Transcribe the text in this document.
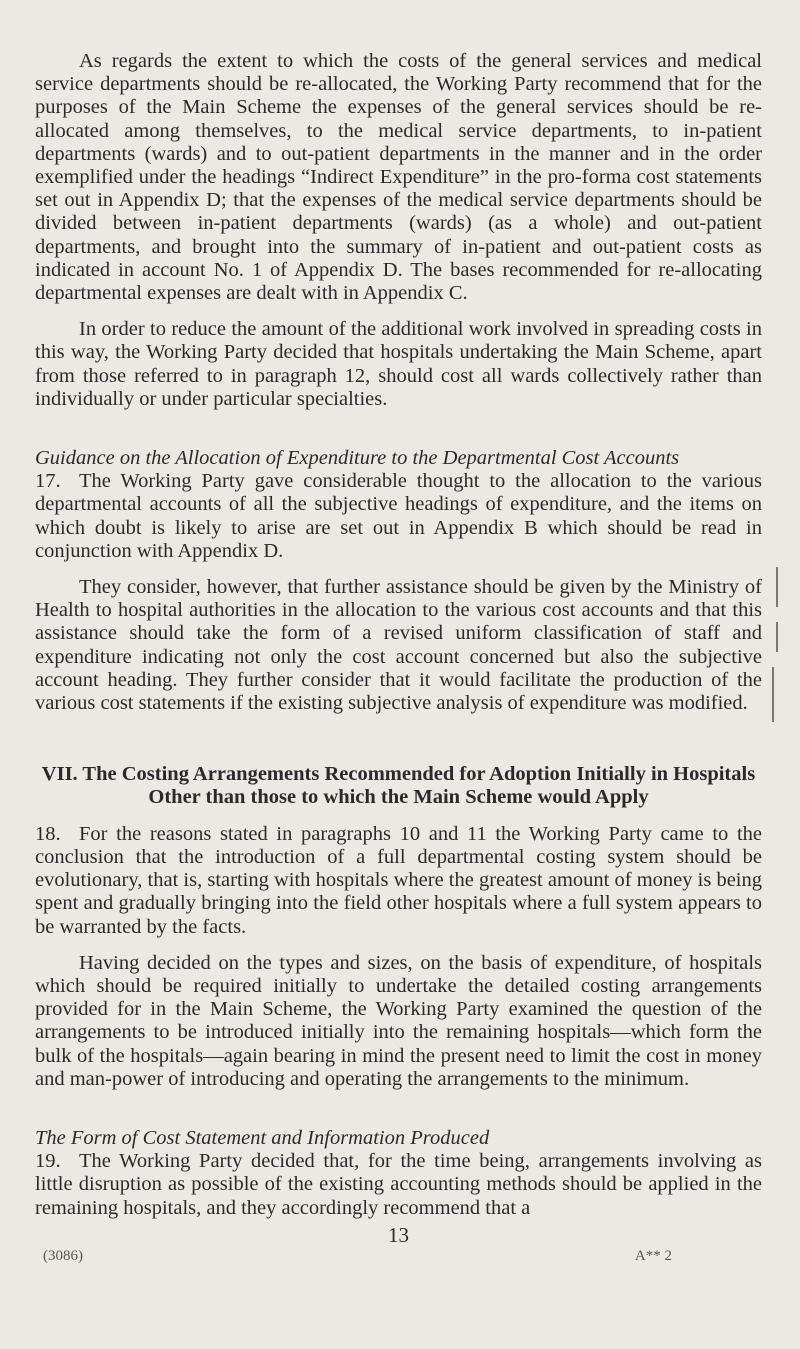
As regards the extent to which the costs of the general services and medical service departments should be re-allocated, the Working Party recommend that for the purposes of the Main Scheme the expenses of the general services should be re-allocated among themselves, to the medical service departments, to in-patient departments (wards) and to out-patient departments in the manner and in the order exemplified under the headings “Indirect Expenditure” in the pro-forma cost statements set out in Appendix D; that the expenses of the medical service departments should be divided between in-patient departments (wards) (as a whole) and out-patient departments, and brought into the summary of in-patient and out-patient costs as indicated in account No. 1 of Appendix D. The bases recommended for re-allocating departmental expenses are dealt with in Appendix C.

In order to reduce the amount of the additional work involved in spreading costs in this way, the Working Party decided that hospitals undertaking the Main Scheme, apart from those referred to in paragraph 12, should cost all wards collectively rather than individually or under particular specialties.

Guidance on the Allocation of Expenditure to the Departmental Cost Accounts

17. The Working Party gave considerable thought to the allocation to the various departmental accounts of all the subjective headings of expenditure, and the items on which doubt is likely to arise are set out in Appendix B which should be read in conjunction with Appendix D.

They consider, however, that further assistance should be given by the Ministry of Health to hospital authorities in the allocation to the various cost accounts and that this assistance should take the form of a revised uniform classification of staff and expenditure indicating not only the cost account concerned but also the subjective account heading. They further consider that it would facilitate the production of the various cost statements if the existing subjective analysis of expenditure was modified.

VII. The Costing Arrangements Recommended for Adoption Initially in Hospitals

Other than those to which the Main Scheme would Apply

18. For the reasons stated in paragraphs 10 and 11 the Working Party came to the conclusion that the introduction of a full departmental costing system should be evolutionary, that is, starting with hospitals where the greatest amount of money is being spent and gradually bringing into the field other hospitals where a full system appears to be warranted by the facts.

Having decided on the types and sizes, on the basis of expenditure, of hospitals which should be required initially to undertake the detailed costing arrangements provided for in the Main Scheme, the Working Party examined the question of the arrangements to be introduced initially into the remaining hospitals—which form the bulk of the hospitals—again bearing in mind the present need to limit the cost in money and man-power of introducing and operating the arrangements to the minimum.

The Form of Cost Statement and Information Produced

19. The Working Party decided that, for the time being, arrangements involving as little disruption as possible of the existing accounting methods should be applied in the remaining hospitals, and they accordingly recommend that a

13
(3086)	A** 2
